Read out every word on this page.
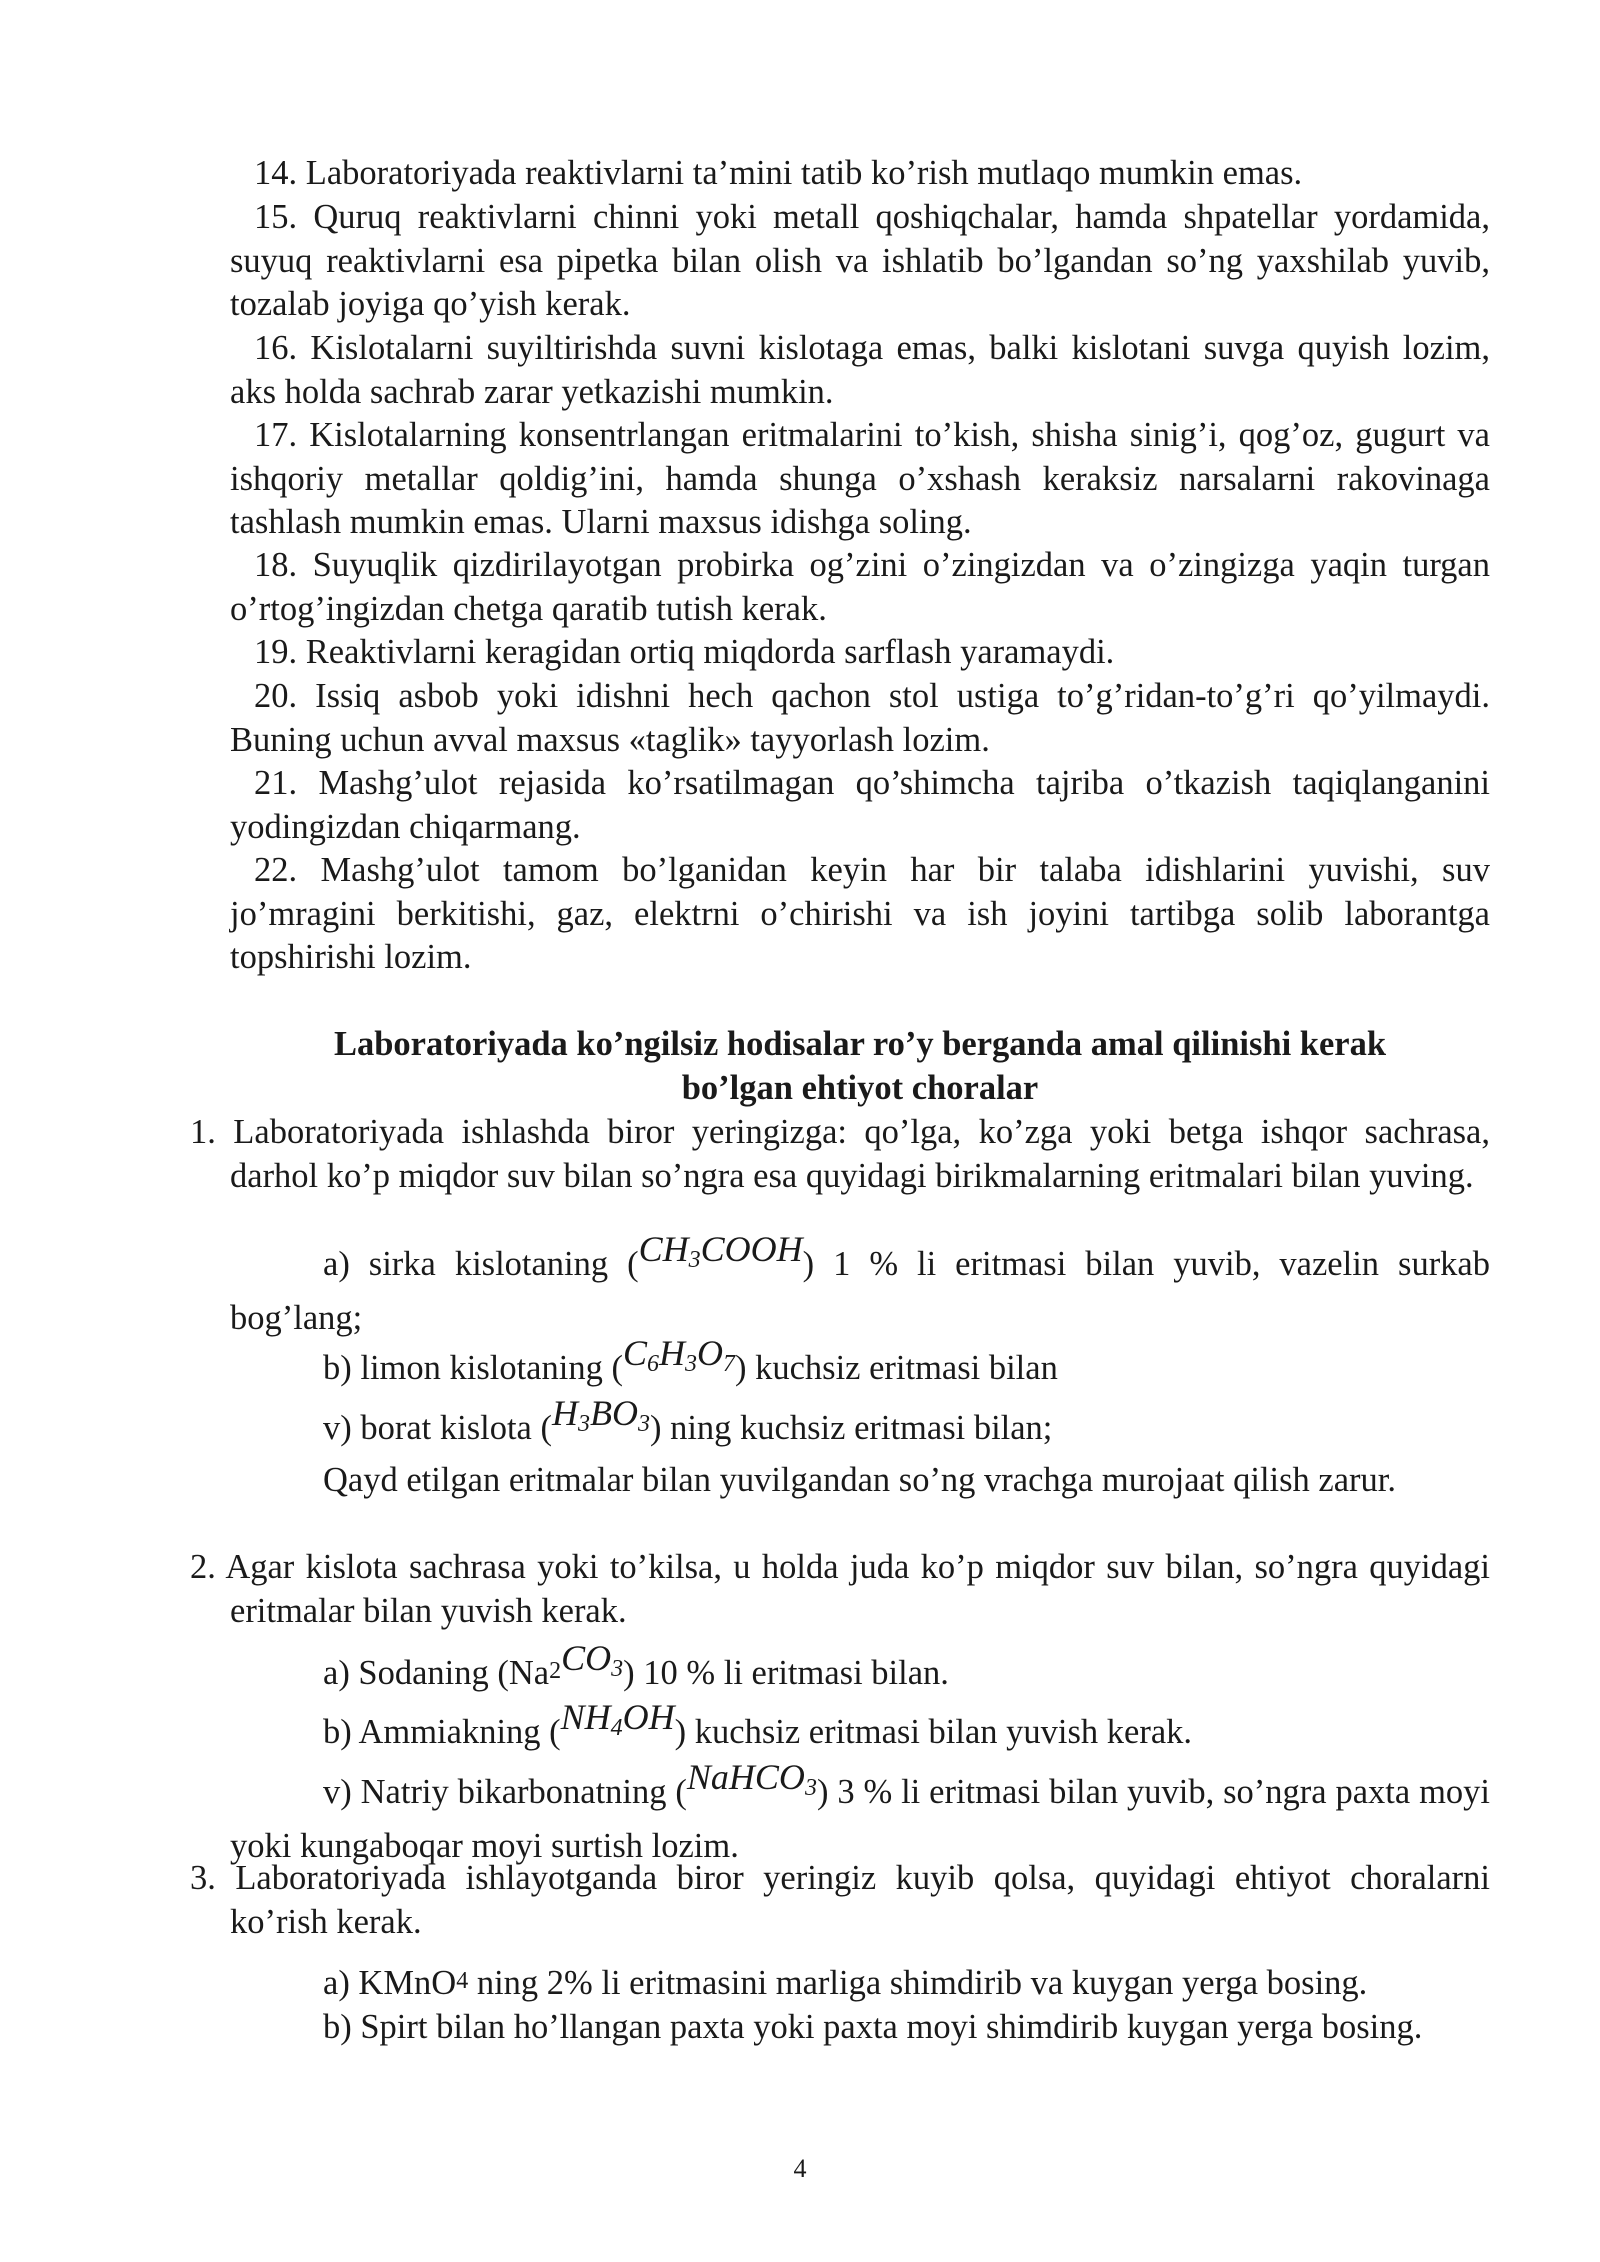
14. Laboratoriyada reaktivlarni ta’mini tatib ko’rish mutlaqo mumkin emas.
15. Quruq reaktivlarni chinni yoki metall qoshiqchalar, hamda shpatellar yordamida, suyuq reaktivlarni esa pipetka bilan olish va ishlatib bo’lgandan so’ng yaxshilab yuvib, tozalab joyiga qo’yish kerak.
16. Kislotalarni suyiltirishda suvni kislotaga emas, balki kislotani suvga quyish lozim, aks holda sachrab zarar yetkazishi mumkin.
17. Kislotalarning konsentrlangan eritmalarini to’kish, shisha sinig’i, qog’oz, gugurt va ishqoriy metallar qoldig’ini, hamda shunga o’xshash keraksiz narsalarni rakovinaga tashlash mumkin emas. Ularni maxsus idishga soling.
18. Suyuqlik qizdirilayotgan probirka og’zini o’zingizdan va o’zingizga yaqin turgan o’rtog’ingizdan chetga qaratib tutish kerak.
19. Reaktivlarni keragidan ortiq miqdorda sarflash yaramaydi.
20. Issiq asbob yoki idishni hech qachon stol ustiga to’g’ridan-to’g’ri qo’yilmaydi. Buning uchun avval maxsus «taglik» tayyorlash lozim.
21. Mashg’ulot rejasida ko’rsatilmagan qo’shimcha tajriba o’tkazish taqiqlanganini yodingizdan chiqarmang.
22. Mashg’ulot tamom bo’lganidan keyin har bir talaba idishlarini yuvishi, suv jo’mragini berkitishi, gaz, elektrni o’chirishi va ish joyini tartibga solib laborantga topshirishi lozim.
Laboratoriyada ko’ngilsiz hodisalar ro’y berganda amal qilinishi kerak
bo’lgan ehtiyot choralar
1. Laboratoriyada ishlashda biror yeringizga: qo’lga, ko’zga yoki betga ishqor sachrasa, darhol ko’p miqdor suv bilan so’ngra esa quyidagi birikmalarning eritmalari bilan yuving.
a) sirka kislotaning (CH3COOH) 1 % li eritmasi bilan yuvib, vazelin surkab bog’lang;
b) limon kislotaning (C6H3O7) kuchsiz eritmasi bilan
v) borat kislota (H3BO3) ning kuchsiz eritmasi bilan;
Qayd etilgan eritmalar bilan yuvilgandan so’ng vrachga murojaat qilish zarur.
2. Agar kislota sachrasa yoki to’kilsa, u holda juda ko’p miqdor suv bilan, so’ngra quyidagi eritmalar bilan yuvish kerak.
a) Sodaning (Na2CO3) 10 % li eritmasi bilan.
b) Ammiakning (NH4OH) kuchsiz eritmasi bilan yuvish kerak.
v) Natriy bikarbonatning (NaHCO3) 3 % li eritmasi bilan yuvib, so’ngra paxta moyi yoki kungaboqar moyi surtish lozim.
3. Laboratoriyada ishlayotganda biror yeringiz kuyib qolsa, quyidagi ehtiyot choralarni ko’rish kerak.
a) KMnO4 ning 2% li eritmasini marliga shimdirib va kuygan yerga bosing.
b) Spirt bilan ho’llangan paxta yoki paxta moyi shimdirib kuygan yerga bosing.
4
